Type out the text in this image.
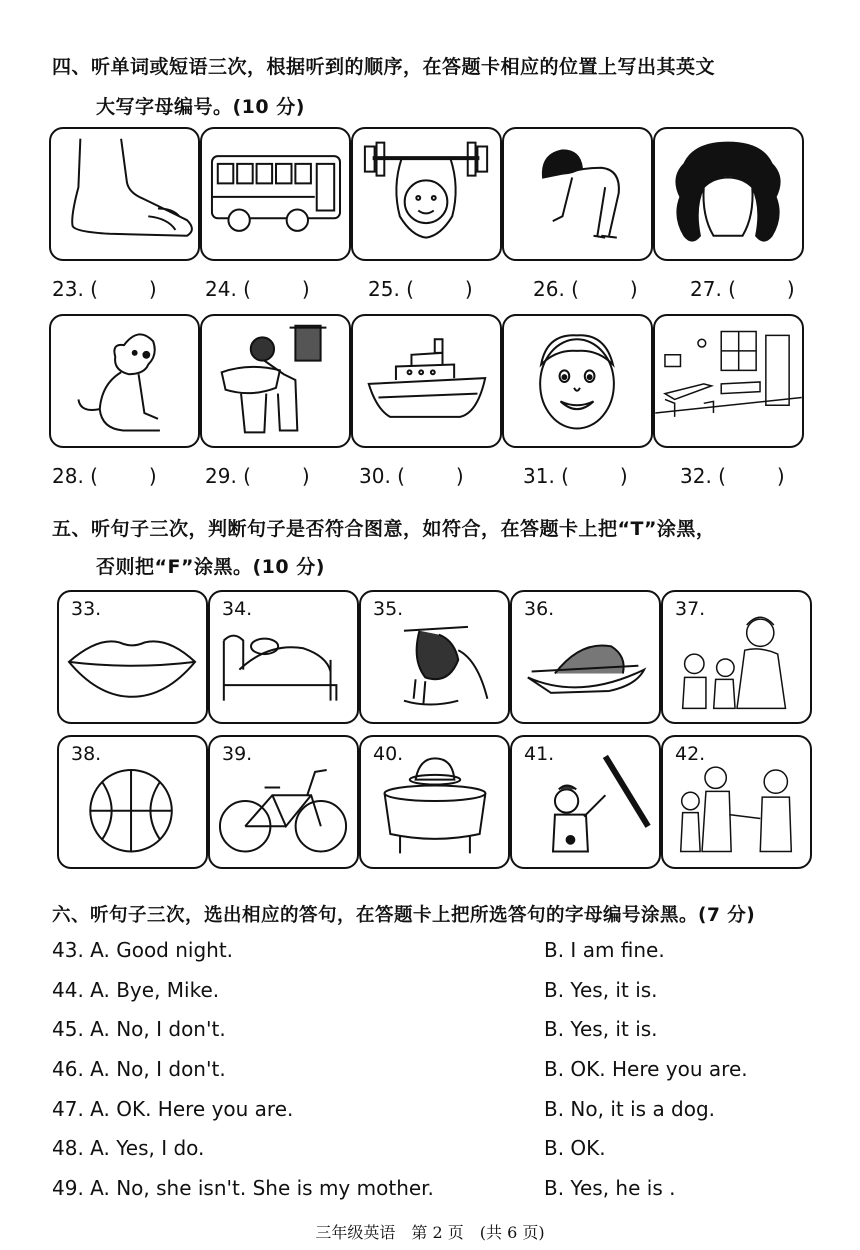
四、听单词或短语三次，根据听到的顺序，在答题卡相应的位置上写出其英文
大写字母编号。(10 分)
23. (        ) 24. (        )	25. (        )	26. (        )	27. (        )
28. (        ) 29. (        ) 30. (        )	31. (        )	32. (        )
五、听句子三次，判断句子是否符合图意，如符合，在答题卡上把“T”涂黑，
否则把“F”涂黑。(10 分)
33.	34.	35.	36.	37.
38.	39.	40.	41.	42.
六、听句子三次，选出相应的答句，在答题卡上把所选答句的字母编号涂黑。(7 分)
43. A. Good night.	B. I am fine.
44. A. Bye, Mike.	B. Yes, it is.
45. A. No, I don't.	B. Yes, it is.
46. A. No, I don't.	B. OK. Here you are.
47. A. OK. Here you are.	B. No, it is a dog.
48. A. Yes, I do.	B. OK.
49. A. No, she isn't. She is my mother.	B. Yes, he is .
三年级英语　第 2 页　(共 6 页)
